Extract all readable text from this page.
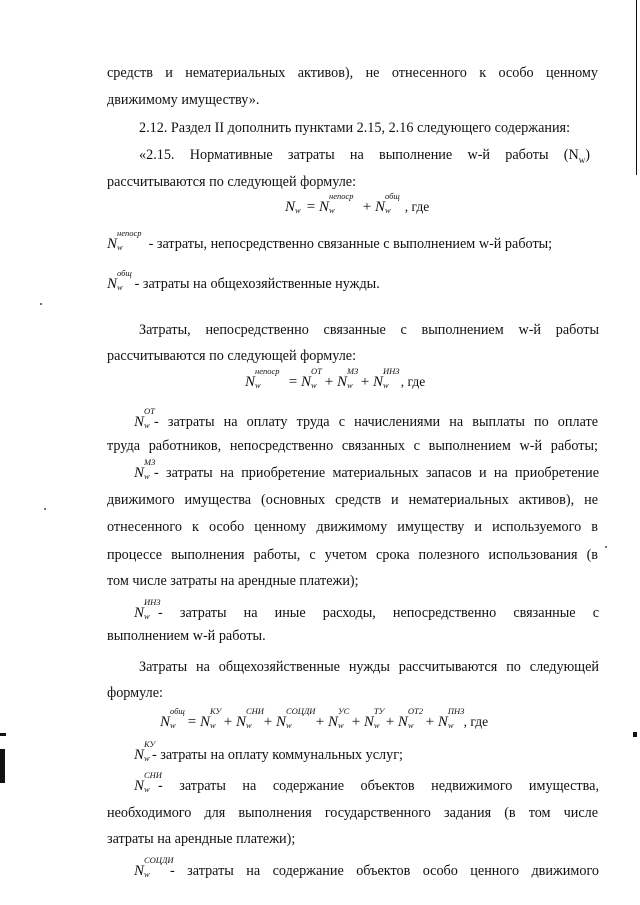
средств и нематериальных активов), не отнесенного к особо ценному
движимому имуществу».
2.12. Раздел II дополнить пунктами 2.15, 2.16 следующего содержания:
«2.15. Нормативные затраты на выполнение w-й работы $(N_w)$
рассчитываются по следующей формуле:
N w = N
непоср
w + N
общ
w , где
N
непоср
w - затраты, непосредственно связанные с выполнением w-й работы;
N
общ
w - затраты на общехозяйственные нужды.
Затраты, непосредственно связанные с выполнением w-й работы
рассчитываются по следующей формуле:
N
непоср
w = N
ОТ
w + N
МЗ
w + N
ИНЗ
w , где
N
ОТ
w - затраты на оплату труда с начислениями на выплаты по оплате
труда работников, непосредственно связанных с выполнением w-й работы;
N
МЗ
w - затраты на приобретение материальных запасов и на приобретение
движимого имущества (основных средств и нематериальных активов), не
отнесенного к особо ценному движимому имуществу и используемого в
процессе выполнения работы, с учетом срока полезного использования (в
том числе затраты на арендные платежи);
N
ИНЗ
w - затраты на иные расходы, непосредственно связанные с
выполнением w-й работы.
Затраты на общехозяйственные нужды рассчитываются по следующей
формуле:
N
общ
w = N
КУ
w + N
СНИ
w + N
СОЦДИ
w + N
УС
w + N
ТУ
w + N
ОТ2
w + N
ПНЗ
w , где
N
КУ
w - затраты на оплату коммунальных услуг;
N
СНИ
w - затраты на содержание объектов недвижимого имущества,
необходимого для выполнения государственного задания (в том числе
затраты на арендные платежи);
N
СОЦДИ
w - затраты на содержание объектов особо ценного движимого
